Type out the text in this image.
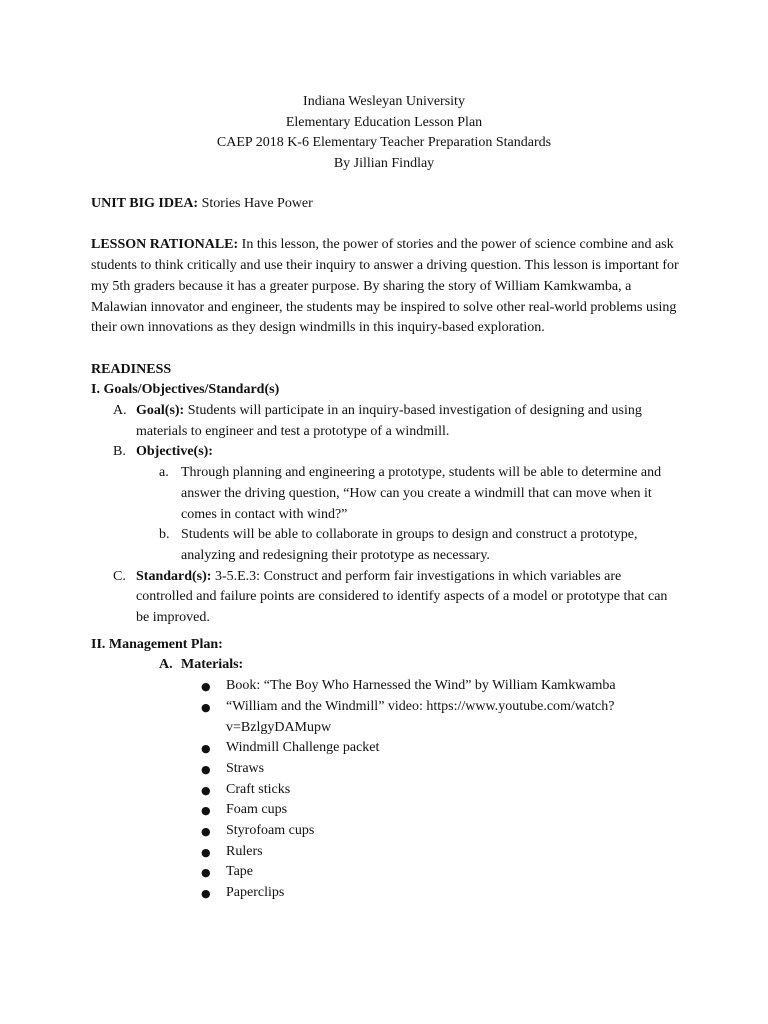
Indiana Wesleyan University
Elementary Education Lesson Plan
CAEP 2018 K-6 Elementary Teacher Preparation Standards
By Jillian Findlay

UNIT BIG IDEA: Stories Have Power

LESSON RATIONALE: In this lesson, the power of stories and the power of science combine and ask students to think critically and use their inquiry to answer a driving question. This lesson is important for my 5th graders because it has a greater purpose. By sharing the story of William Kamkwamba, a Malawian innovator and engineer, the students may be inspired to solve other real-world problems using their own innovations as they design windmills in this inquiry-based exploration.

READINESS

I. Goals/Objectives/Standard(s)

A. Goal(s): Students will participate in an inquiry-based investigation of designing and using materials to engineer and test a prototype of a windmill.
B. Objective(s):
a. Through planning and engineering a prototype, students will be able to determine and answer the driving question, “How can you create a windmill that can move when it comes in contact with wind?”
b. Students will be able to collaborate in groups to design and construct a prototype, analyzing and redesigning their prototype as necessary.
C. Standard(s): 3-5.E.3: Construct and perform fair investigations in which variables are controlled and failure points are considered to identify aspects of a model or prototype that can be improved.

II. Management Plan:

A. Materials:
● Book: “The Boy Who Harnessed the Wind” by William Kamkwamba
● “William and the Windmill” video: https://www.youtube.com/watch?v=BzlgyDAMupw
● Windmill Challenge packet
● Straws
● Craft sticks
● Foam cups
● Styrofoam cups
● Rulers
● Tape
● Paperclips
